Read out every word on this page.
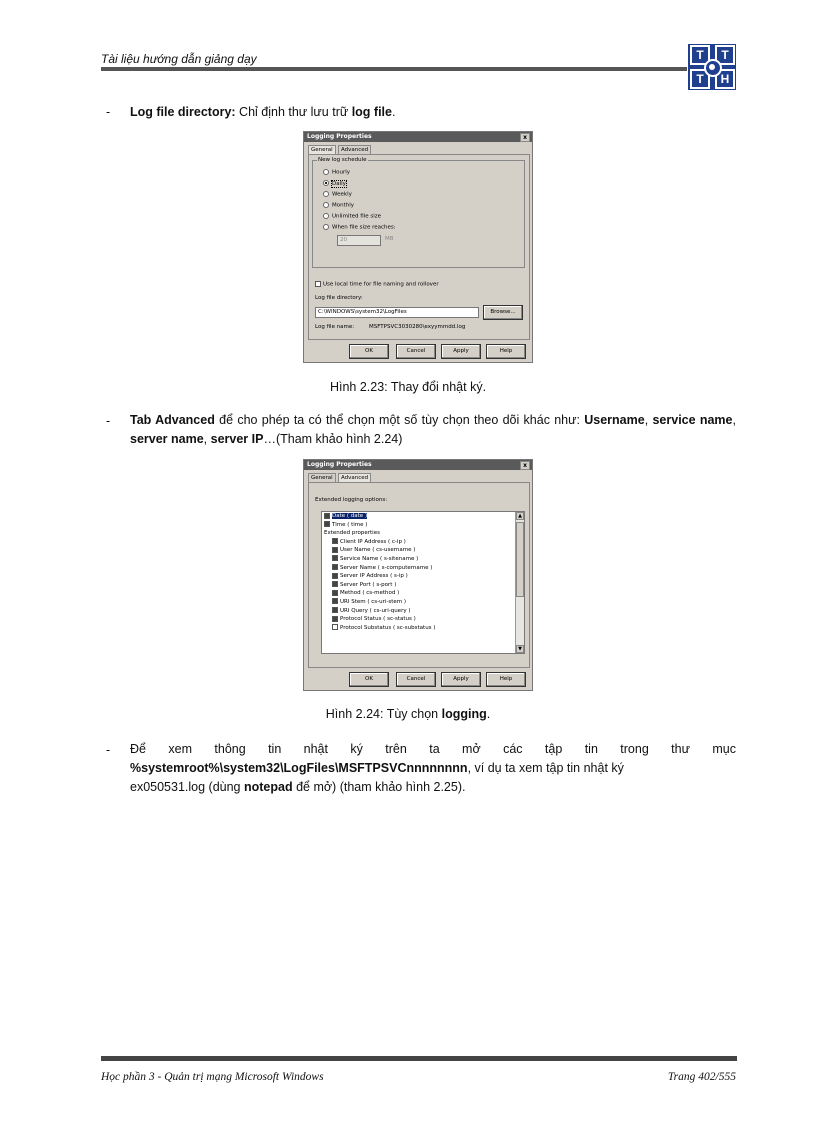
Tài liệu hướng dẫn giảng dạy	T	T
T	H
- Log file directory: Chỉ định thư lưu trữ log file.
Logging Properties	x
General	Advanced
New log schedule
Hourly
Daily
Weekly
Monthly
Unlimited file size
When file size reaches:
20	MB
Use local time for file naming and rollover
Log file directory:
C:\WINDOWS\system32\LogFiles	Browse...
Log file name:	MSFTPSVC3030280\exyymmdd.log
OK	Cancel	Apply	Help
Hình 2.23: Thay đổi nhật ký.
- Tab Advanced để cho phép ta có thể chọn một số tùy chọn theo dõi khác như: Username, service name, server name, server IP…(Tham khảo hình 2.24)
Logging Properties	x
General	Advanced
Extended logging options:
Date ( date )
Time ( time )
Extended properties
Client IP Address ( c-ip )
User Name ( cs-username )
Service Name ( s-sitename )
Server Name ( s-computername )
Server IP Address ( s-ip )
Server Port ( s-port )
Method ( cs-method )
URI Stem ( cs-uri-stem )
URI Query ( cs-uri-query )
Protocol Status ( sc-status )
Protocol Substatus ( sc-substatus )
▲
▼
OK	Cancel	Apply	Help
Hình 2.24: Tùy chọn logging.
- Để xem thông tin nhật ký trên ta mở các tập tin trong thư mục
%systemroot%\system32\LogFiles\MSFTPSVCnnnnnnnn, ví dụ ta xem tập tin nhật ký
ex050531.log (dùng notepad để mở) (tham khảo hình 2.25).
Học phần 3 - Quản trị mạng Microsoft Windows	Trang 402/555
